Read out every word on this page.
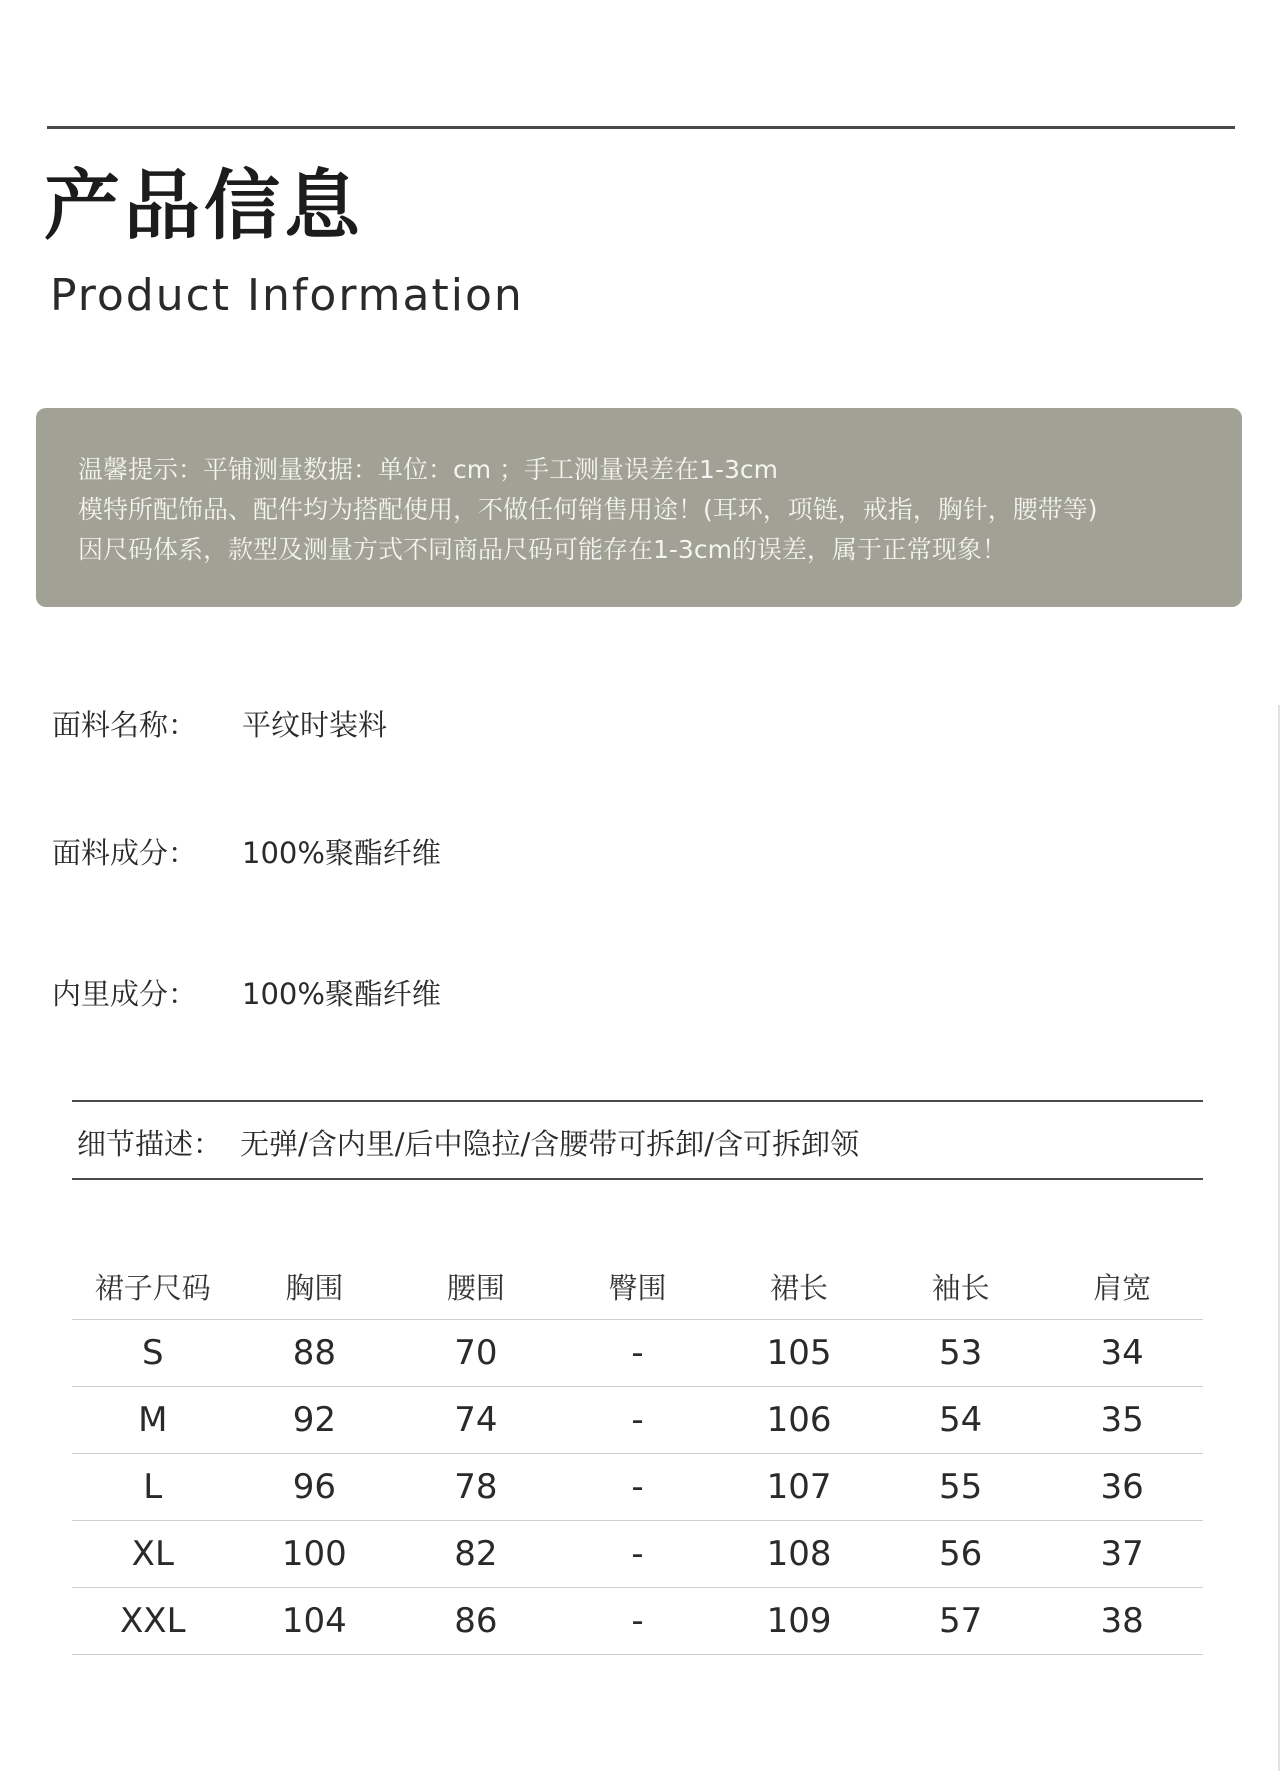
产品信息
Product Information
温馨提示：平铺测量数据：单位：cm ；手工测量误差在1-3cm
模特所配饰品、配件均为搭配使用，不做任何销售用途！(耳环，项链，戒指，胸针，腰带等)
因尺码体系，款型及测量方式不同商品尺码可能存在1-3cm的误差，属于正常现象！
面料名称： 平纹时装料
面料成分： 100%聚酯纤维
内里成分： 100%聚酯纤维
细节描述： 无弹/含内里/后中隐拉/含腰带可拆卸/含可拆卸领
裙子尺码	胸围	腰围	臀围	裙长	袖长	肩宽
S	88	70	-	105	53	34
M	92	74	-	106	54	35
L	96	78	-	107	55	36
XL	100	82	-	108	56	37
XXL	104	86	-	109	57	38
